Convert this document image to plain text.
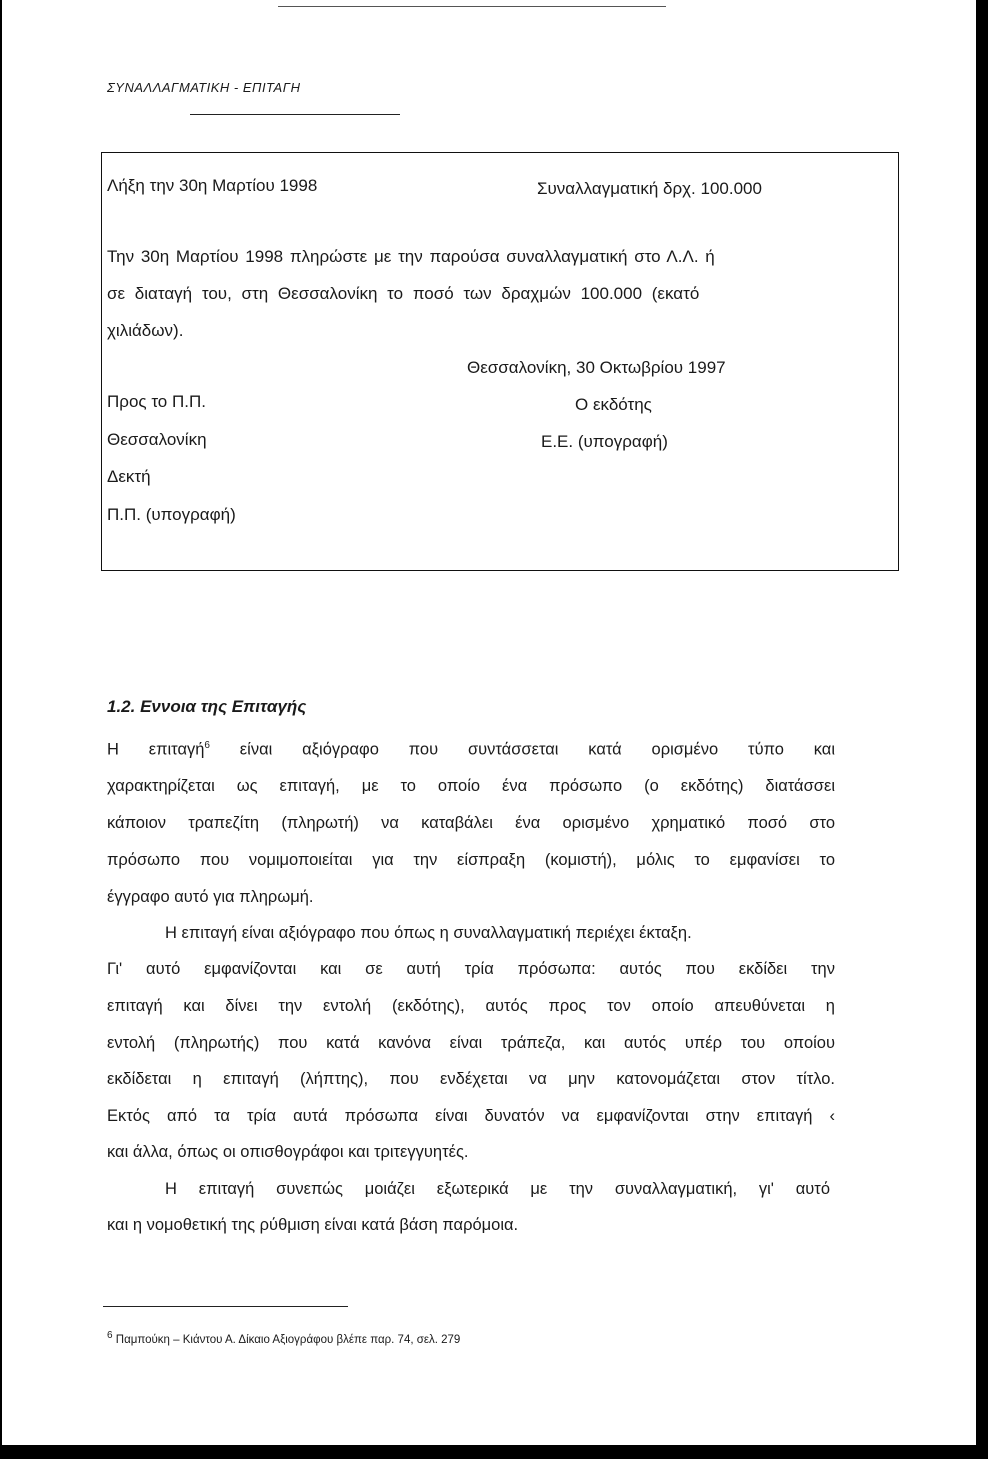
ΣΥΝΑΛΛΑΓΜΑΤΙΚΗ - ΕΠΙΤΑΓΗ

Λήξη την 30η Μαρτίου 1998	Συναλλαγματική δρχ. 100.000

Την 30η Μαρτίου 1998 πληρώστε με την παρούσα συναλλαγματική στο Λ.Λ. ή

σε διαταγή του, στη Θεσσαλονίκη το ποσό των δραχμών 100.000 (εκατό

χιλιάδων).

Θεσσαλονίκη, 30 Οκτωβρίου 1997

Προς το Π.Π.	Ο εκδότης

Θεσσαλονίκη	Ε.Ε. (υπογραφή)

Δεκτή

Π.Π. (υπογραφή)

1.2. Εννοια της Επιταγής

Η επιταγή$^6$ είναι αξιόγραφο που συντάσσεται κατά ορισμένο τύπο και

χαρακτηρίζεται ως επιταγή, με το οποίο ένα πρόσωπο (ο εκδότης) διατάσσει

κάποιον τραπεζίτη (πληρωτή) να καταβάλει ένα ορισμένο χρηματικό ποσό στο

πρόσωπο που νομιμοποιείται για την είσπραξη (κομιστή), μόλις το εμφανίσει το

έγγραφο αυτό για πληρωμή.

Η επιταγή είναι αξιόγραφο που όπως η συναλλαγματική περιέχει έκταξη.

Γι' αυτό εμφανίζονται και σε αυτή τρία πρόσωπα: αυτός που εκδίδει την

επιταγή και δίνει την εντολή (εκδότης), αυτός προς τον οποίο απευθύνεται η

εντολή (πληρωτής) που κατά κανόνα είναι τράπεζα, και αυτός υπέρ του οποίου

εκδίδεται η επιταγή (λήπτης), που ενδέχεται να μην κατονομάζεται στον τίτλο.

Εκτός από τα τρία αυτά πρόσωπα είναι δυνατόν να εμφανίζονται στην επιταγή ‹

και άλλα, όπως οι οπισθογράφοι και τριτεγγυητές.

Η επιταγή συνεπώς μοιάζει εξωτερικά με την συναλλαγματική, γι' αυτό

και η νομοθετική της ρύθμιση είναι κατά βάση παρόμοια.

$^6$ Παμπούκη – Κιάντου Α. Δίκαιο Αξιογράφου βλέπε παρ. 74, σελ. 279
